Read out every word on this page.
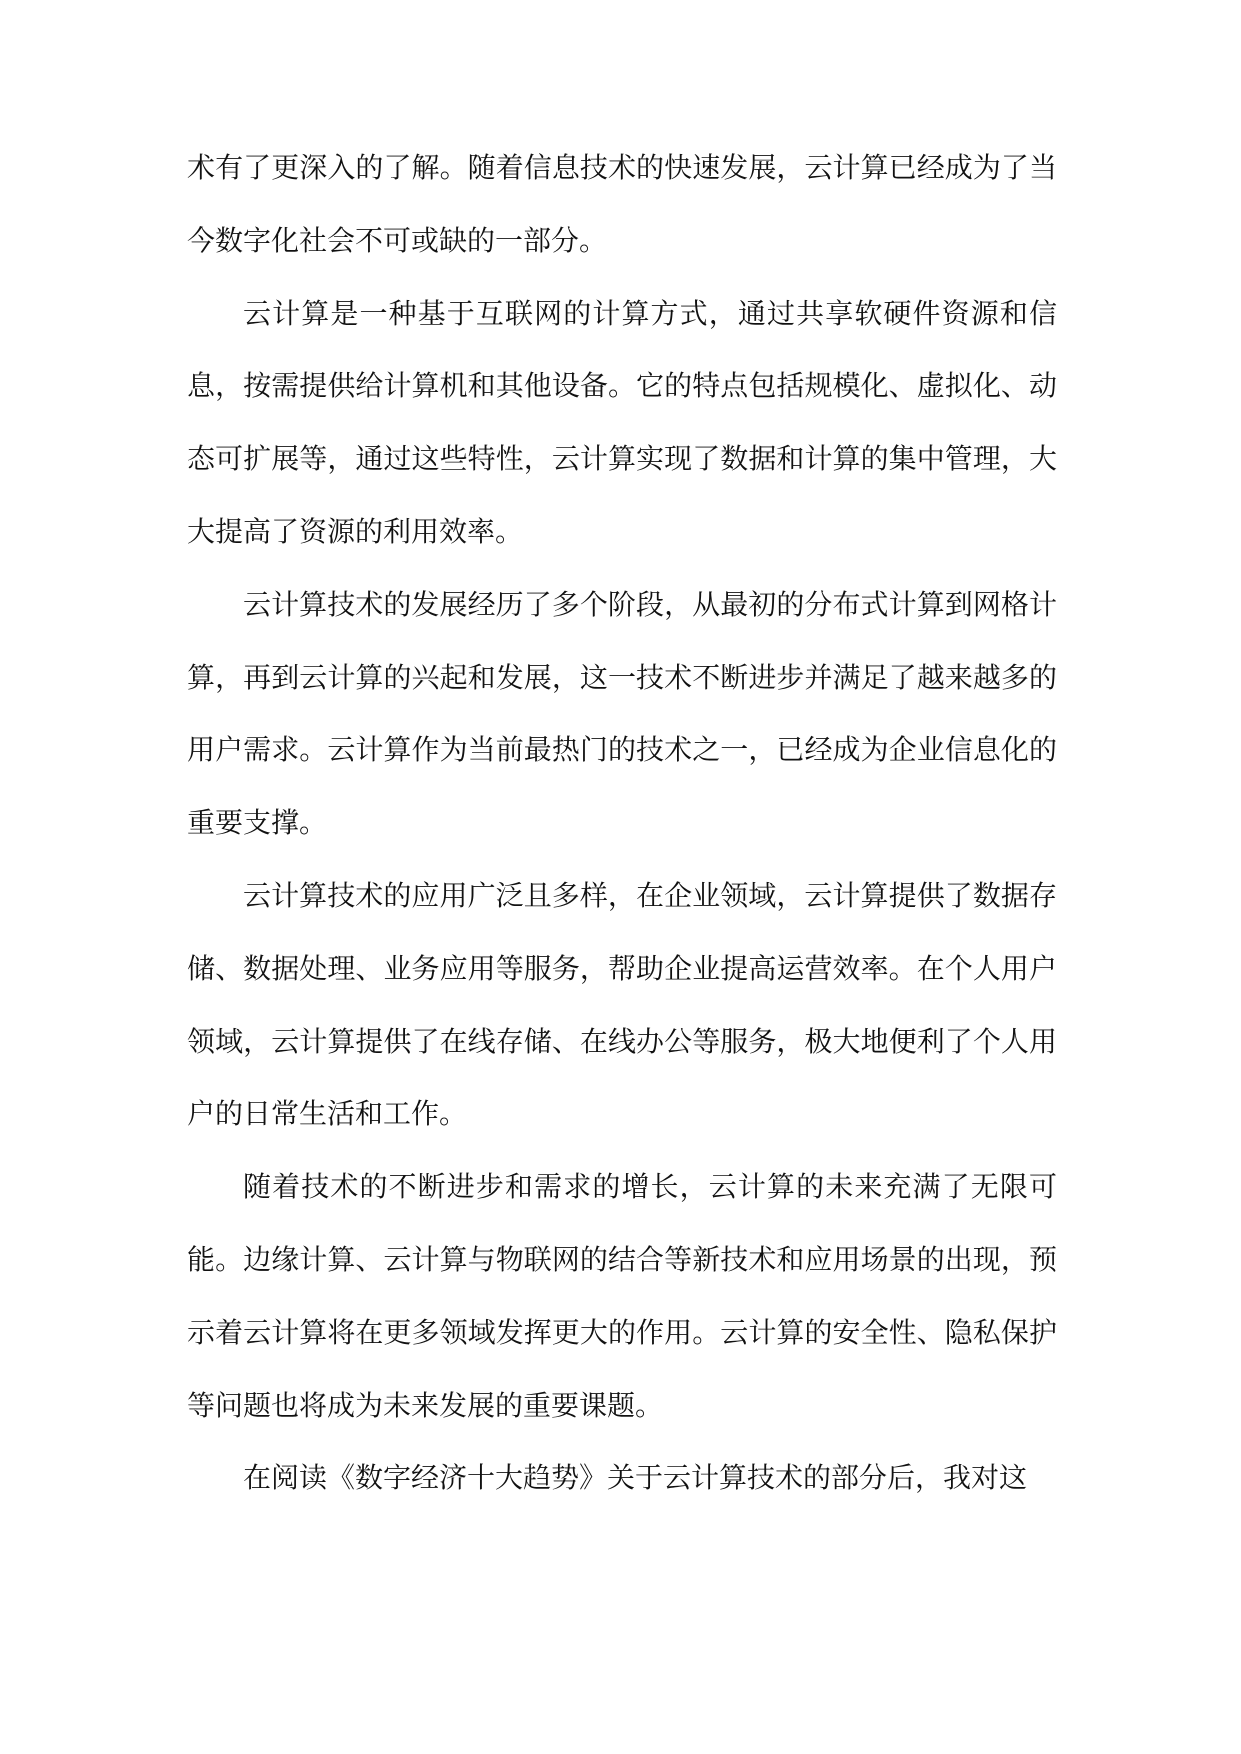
术有了更深入的了解。随着信息技术的快速发展，云计算已经成为了当今数字化社会不可或缺的一部分。

云计算是一种基于互联网的计算方式，通过共享软硬件资源和信息，按需提供给计算机和其他设备。它的特点包括规模化、虚拟化、动态可扩展等，通过这些特性，云计算实现了数据和计算的集中管理，大大提高了资源的利用效率。

云计算技术的发展经历了多个阶段，从最初的分布式计算到网格计算，再到云计算的兴起和发展，这一技术不断进步并满足了越来越多的用户需求。云计算作为当前最热门的技术之一，已经成为企业信息化的重要支撑。

云计算技术的应用广泛且多样，在企业领域，云计算提供了数据存储、数据处理、业务应用等服务，帮助企业提高运营效率。在个人用户领域，云计算提供了在线存储、在线办公等服务，极大地便利了个人用户的日常生活和工作。

随着技术的不断进步和需求的增长，云计算的未来充满了无限可能。边缘计算、云计算与物联网的结合等新技术和应用场景的出现，预示着云计算将在更多领域发挥更大的作用。云计算的安全性、隐私保护等问题也将成为未来发展的重要课题。

在阅读《数字经济十大趋势》关于云计算技术的部分后，我对这
